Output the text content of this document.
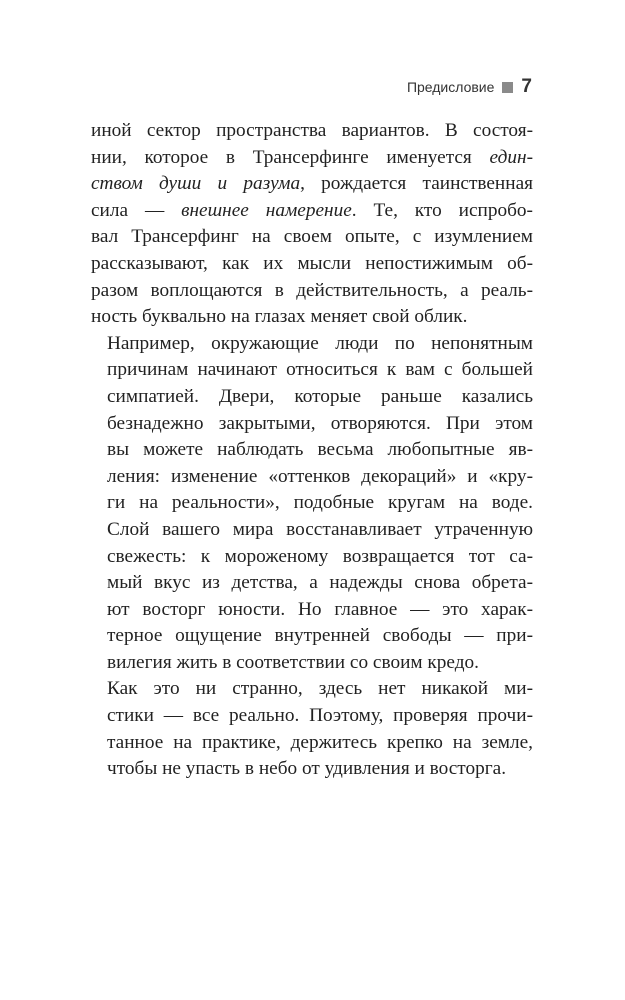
Предисловие 7

иной сектор пространства вариантов. В состоя-
нии, которое в Трансерфинге именуется един-
ством души и разума, рождается таинственная
сила — внешнее намерение. Те, кто испробо-
вал Трансерфинг на своем опыте, с изумлением
рассказывают, как их мысли непостижимым об-
разом воплощаются в действительность, а реаль-
ность буквально на глазах меняет свой облик.

Например, окружающие люди по непонятным
причинам начинают относиться к вам с большей
симпатией. Двери, которые раньше казались
безнадежно закрытыми, отворяются. При этом
вы можете наблюдать весьма любопытные яв-
ления: изменение «оттенков декораций» и «кру-
ги на реальности», подобные кругам на воде.
Слой вашего мира восстанавливает утраченную
свежесть: к мороженому возвращается тот са-
мый вкус из детства, а надежды снова обрета-
ют восторг юности. Но главное — это харак-
терное ощущение внутренней свободы — при-
вилегия жить в соответствии со своим кредо.

Как это ни странно, здесь нет никакой ми-
стики — все реально. Поэтому, проверяя прочи-
танное на практике, держитесь крепко на земле,
чтобы не упасть в небо от удивления и восторга.
